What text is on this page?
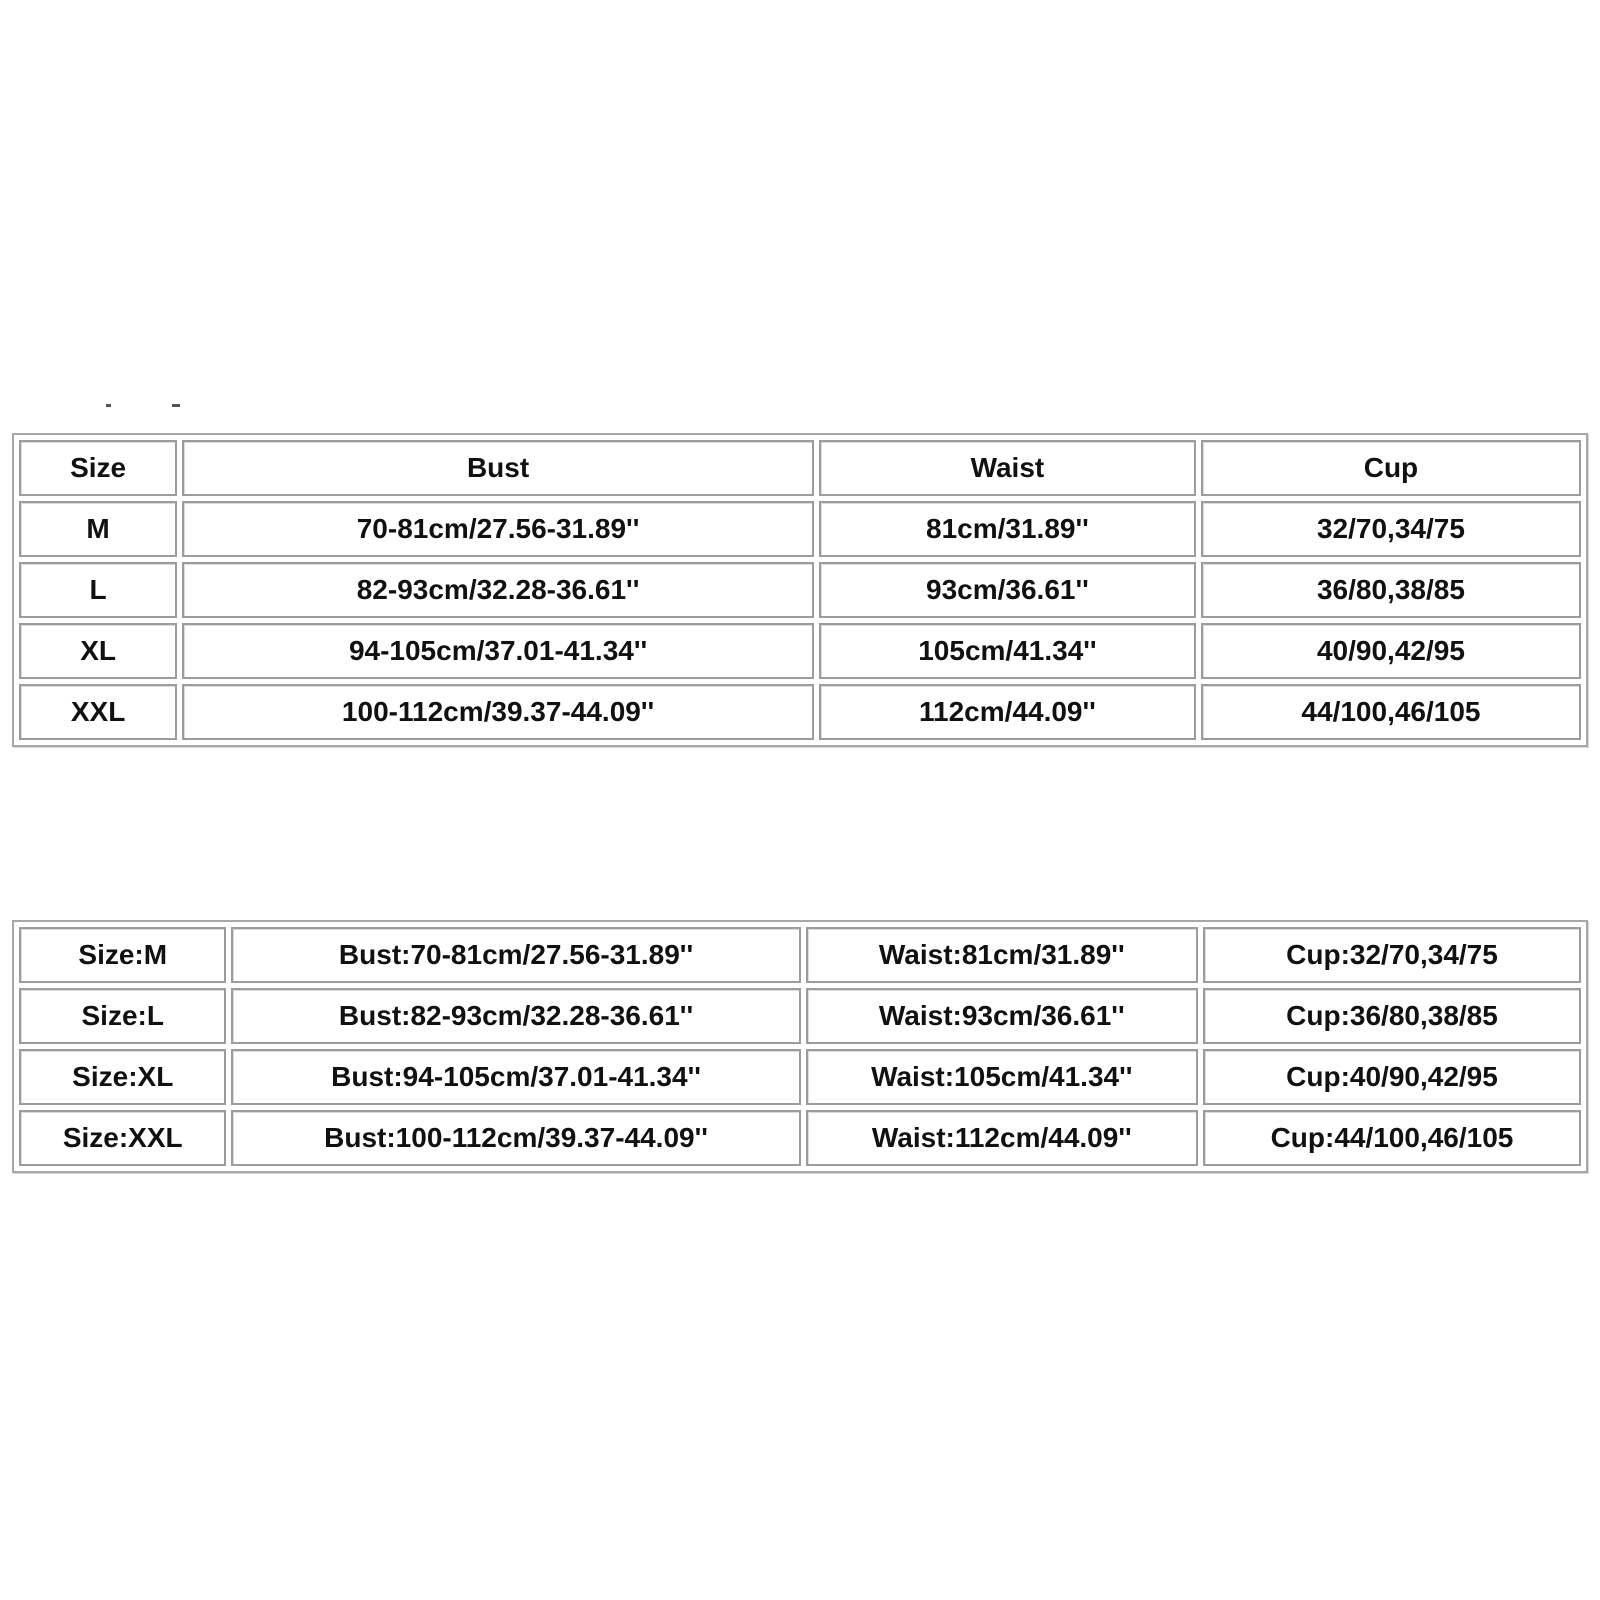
Size	Bust	Waist	Cup
M	70-81cm/27.56-31.89''	81cm/31.89''	32/70,34/75
L	82-93cm/32.28-36.61''	93cm/36.61''	36/80,38/85
XL	94-105cm/37.01-41.34''	105cm/41.34''	40/90,42/95
XXL	100-112cm/39.37-44.09''	112cm/44.09''	44/100,46/105
Size:M	Bust:70-81cm/27.56-31.89''	Waist:81cm/31.89''	Cup:32/70,34/75
Size:L	Bust:82-93cm/32.28-36.61''	Waist:93cm/36.61''	Cup:36/80,38/85
Size:XL	Bust:94-105cm/37.01-41.34''	Waist:105cm/41.34''	Cup:40/90,42/95
Size:XXL	Bust:100-112cm/39.37-44.09''	Waist:112cm/44.09''	Cup:44/100,46/105
